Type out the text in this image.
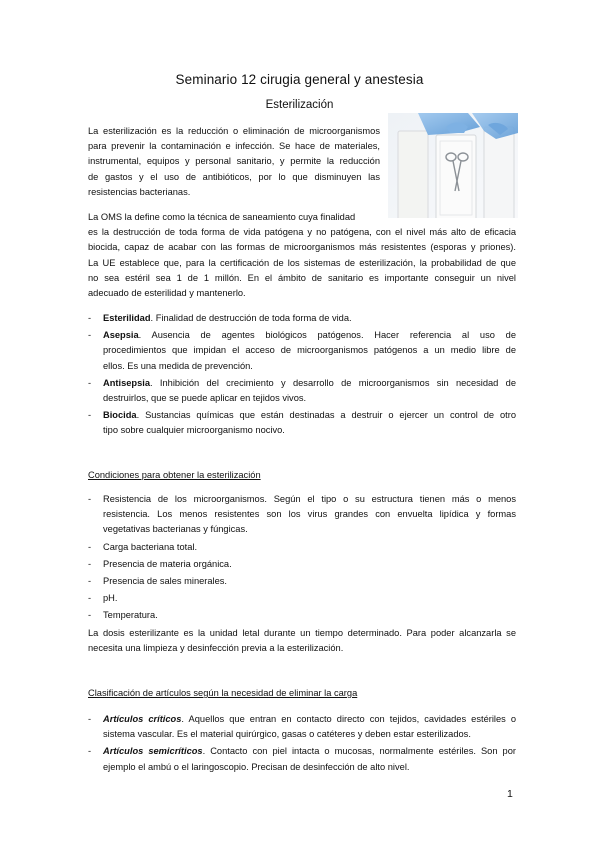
Seminario 12 cirugia general y anestesia
Esterilización
La esterilización es la reducción o eliminación de microorganismos
para prevenir la contaminación e infección. Se hace de materiales,
instrumental, equipos y personal sanitario, y permite la reducción
de gastos y el uso de antibióticos, por lo que disminuyen las
resistencias bacterianas.
La OMS la define como la técnica de saneamiento cuya finalidad
es la destrucción de toda forma de vida patógena y no patógena, con el nivel más alto de eficacia
biocida, capaz de acabar con las formas de microorganismos más resistentes (esporas y priones).
La UE establece que, para la certificación de los sistemas de esterilización, la probabilidad de que
no sea estéril sea 1 de 1 millón. En el ámbito de sanitario es importante conseguir un nivel
adecuado de esterilidad y mantenerlo.
- Esterilidad. Finalidad de destrucción de toda forma de vida.
- Asepsia. Ausencia de agentes biológicos patógenos. Hacer referencia al uso de
procedimientos que impidan el acceso de microorganismos patógenos a un medio libre de
ellos. Es una medida de prevención.
- Antisepsia. Inhibición del crecimiento y desarrollo de microorganismos sin necesidad de
destruirlos, que se puede aplicar en tejidos vivos.
- Biocida. Sustancias químicas que están destinadas a destruir o ejercer un control de otro
tipo sobre cualquier microorganismo nocivo.
Condiciones para obtener la esterilización
- Resistencia de los microorganismos. Según el tipo o su estructura tienen más o menos
resistencia. Los menos resistentes son los virus grandes con envuelta lipídica y formas
vegetativas bacterianas y fúngicas.
- Carga bacteriana total.
- Presencia de materia orgánica.
- Presencia de sales minerales.
- pH.
- Temperatura.
La dosis esterilizante es la unidad letal durante un tiempo determinado. Para poder alcanzarla se
necesita una limpieza y desinfección previa a la esterilización.
Clasificación de artículos según la necesidad de eliminar la carga
- Artículos críticos. Aquellos que entran en contacto directo con tejidos, cavidades estériles o
sistema vascular. Es el material quirúrgico, gasas o catéteres y deben estar esterilizados.
- Artículos semicríticos. Contacto con piel intacta o mucosas, normalmente estériles. Son por
ejemplo el ambú o el laringoscopio. Precisan de desinfección de alto nivel.
1
